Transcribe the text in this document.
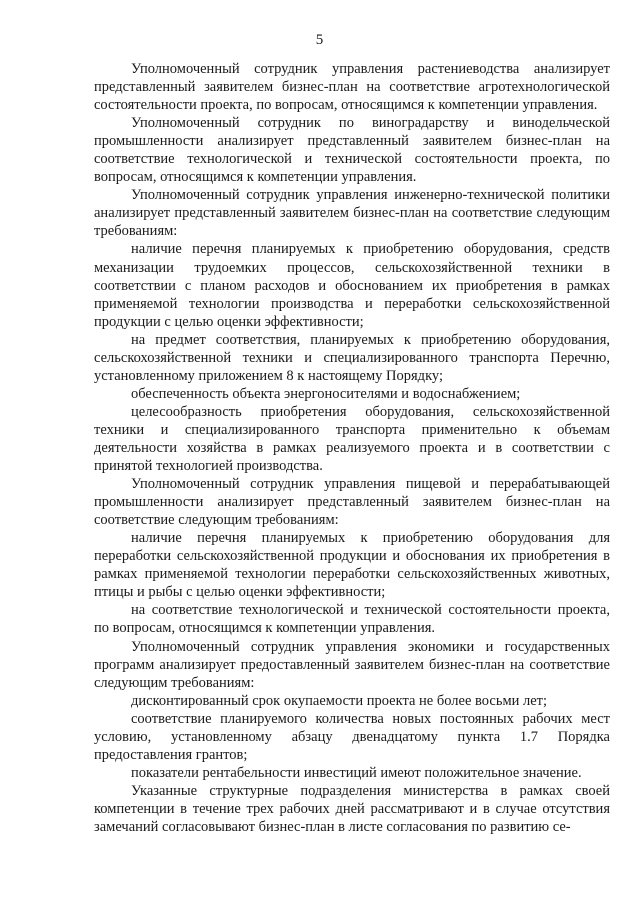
5

Уполномоченный сотрудник управления растениеводства анализирует представленный заявителем бизнес-план на соответствие агротехнологической состоятельности проекта, по вопросам, относящимся к компетенции управления.

Уполномоченный сотрудник по виноградарству и винодельческой промышленности анализирует представленный заявителем бизнес-план на соответствие технологической и технической состоятельности проекта, по вопросам, относящимся к компетенции управления.

Уполномоченный сотрудник управления инженерно-технической политики анализирует представленный заявителем бизнес-план на соответствие следующим требованиям:

наличие перечня планируемых к приобретению оборудования, средств механизации трудоемких процессов, сельскохозяйственной техники в соответствии с планом расходов и обоснованием их приобретения в рамках применяемой технологии производства и переработки сельскохозяйственной продукции с целью оценки эффективности;

на предмет соответствия, планируемых к приобретению оборудования, сельскохозяйственной техники и специализированного транспорта Перечню, установленному приложением 8 к настоящему Порядку;

обеспеченность объекта энергоносителями и водоснабжением;

целесообразность приобретения оборудования, сельскохозяйственной техники и специализированного транспорта применительно к объемам деятельности хозяйства в рамках реализуемого проекта и в соответствии с принятой технологией производства.

Уполномоченный сотрудник управления пищевой и перерабатывающей промышленности анализирует представленный заявителем бизнес-план на соответствие следующим требованиям:

наличие перечня планируемых к приобретению оборудования для переработки сельскохозяйственной продукции и обоснования их приобретения в рамках применяемой технологии переработки сельскохозяйственных животных, птицы и рыбы с целью оценки эффективности;

на соответствие технологической и технической состоятельности проекта, по вопросам, относящимся к компетенции управления.

Уполномоченный сотрудник управления экономики и государственных программ анализирует предоставленный заявителем бизнес-план на соответствие следующим требованиям:

дисконтированный срок окупаемости проекта не более восьми лет;

соответствие планируемого количества новых постоянных рабочих мест условию, установленному абзацу двенадцатому пункта 1.7 Порядка предоставления грантов;

показатели рентабельности инвестиций имеют положительное значение.

Указанные структурные подразделения министерства в рамках своей компетенции в течение трех рабочих дней рассматривают и в случае отсутствия замечаний согласовывают бизнес-план в листе согласования по развитию се-
